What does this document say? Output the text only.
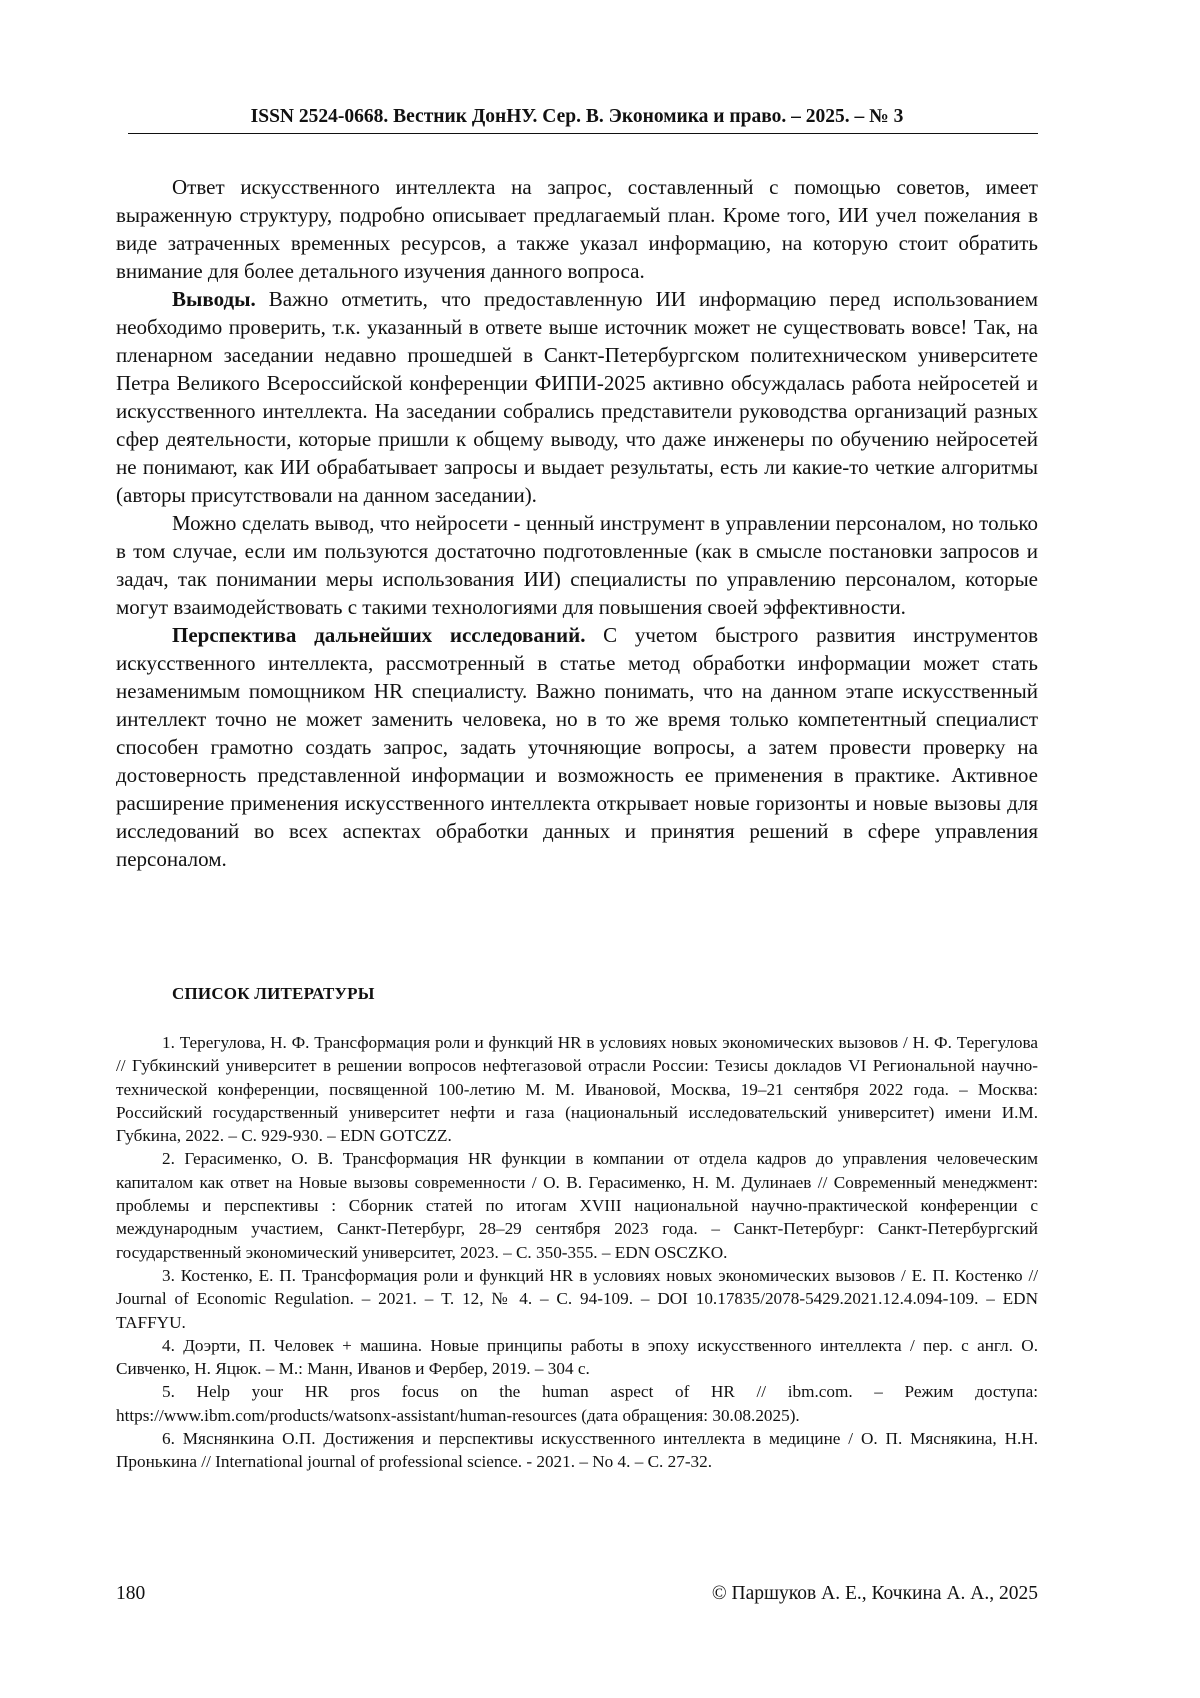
ISSN 2524-0668. Вестник ДонНУ. Сер. В. Экономика и право. – 2025. – № 3

Ответ искусственного интеллекта на запрос, составленный с помощью советов, имеет выраженную структуру, подробно описывает предлагаемый план. Кроме того, ИИ учел пожелания в виде затраченных временных ресурсов, а также указал информацию, на которую стоит обратить внимание для более детального изучения данного вопроса.

Выводы. Важно отметить, что предоставленную ИИ информацию перед использованием необходимо проверить, т.к. указанный в ответе выше источник может не существовать вовсе! Так, на пленарном заседании недавно прошедшей в Санкт-Петербургском политехническом университете Петра Великого Всероссийской конференции ФИПИ-2025 активно обсуждалась работа нейросетей и искусственного интеллекта. На заседании собрались представители руководства организаций разных сфер деятельности, которые пришли к общему выводу, что даже инженеры по обучению нейросетей не понимают, как ИИ обрабатывает запросы и выдает результаты, есть ли какие-то четкие алгоритмы (авторы присутствовали на данном заседании).

Можно сделать вывод, что нейросети - ценный инструмент в управлении персоналом, но только в том случае, если им пользуются достаточно подготовленные (как в смысле постановки запросов и задач, так понимании меры использования ИИ) специалисты по управлению персоналом, которые могут взаимодействовать с такими технологиями для повышения своей эффективности.

Перспектива дальнейших исследований. С учетом быстрого развития инструментов искусственного интеллекта, рассмотренный в статье метод обработки информации может стать незаменимым помощником HR специалисту. Важно понимать, что на данном этапе искусственный интеллект точно не может заменить человека, но в то же время только компетентный специалист способен грамотно создать запрос, задать уточняющие вопросы, а затем провести проверку на достоверность представленной информации и возможность ее применения в практике. Активное расширение применения искусственного интеллекта открывает новые горизонты и новые вызовы для исследований во всех аспектах обработки данных и принятия решений в сфере управления персоналом.

СПИСОК ЛИТЕРАТУРЫ

1. Терегулова, Н. Ф. Трансформация роли и функций HR в условиях новых экономических вызовов / Н. Ф. Терегулова // Губкинский университет в решении вопросов нефтегазовой отрасли России: Тезисы докладов VI Региональной научно-технической конференции, посвященной 100-летию М. М. Ивановой, Москва, 19–21 сентября 2022 года. – Москва: Российский государственный университет нефти и газа (национальный исследовательский университет) имени И.М. Губкина, 2022. – С. 929-930. – EDN GOTCZZ.

2. Герасименко, О. В. Трансформация HR функции в компании от отдела кадров до управления человеческим капиталом как ответ на Новые вызовы современности / О. В. Герасименко, Н. М. Дулинаев // Современный менеджмент: проблемы и перспективы : Сборник статей по итогам XVIII национальной научно-практической конференции с международным участием, Санкт-Петербург, 28–29 сентября 2023 года. – Санкт-Петербург: Санкт-Петербургский государственный экономический университет, 2023. – С. 350-355. – EDN OSCZKO.

3. Костенко, Е. П. Трансформация роли и функций HR в условиях новых экономических вызовов / Е. П. Костенко // Journal of Economic Regulation. – 2021. – Т. 12, № 4. – С. 94-109. – DOI 10.17835/2078-5429.2021.12.4.094-109. – EDN TAFFYU.

4. Доэрти, П. Человек + машина. Новые принципы работы в эпоху искусственного интеллекта / пер. с англ. О. Сивченко, Н. Яцюк. – М.: Манн, Иванов и Фербер, 2019. – 304 с.

5. Help your HR pros focus on the human aspect of HR // ibm.com. – Режим доступа: https://www.ibm.com/products/watsonx-assistant/human-resources (дата обращения: 30.08.2025).

6. Мяснянкина О.П. Достижения и перспективы искусственного интеллекта в медицине / О. П. Мяснякина, Н.Н. Пронькина // International journal of professional science. - 2021. – No 4. – С. 27-32.

180	© Паршуков А. Е., Кочкина А. А., 2025
